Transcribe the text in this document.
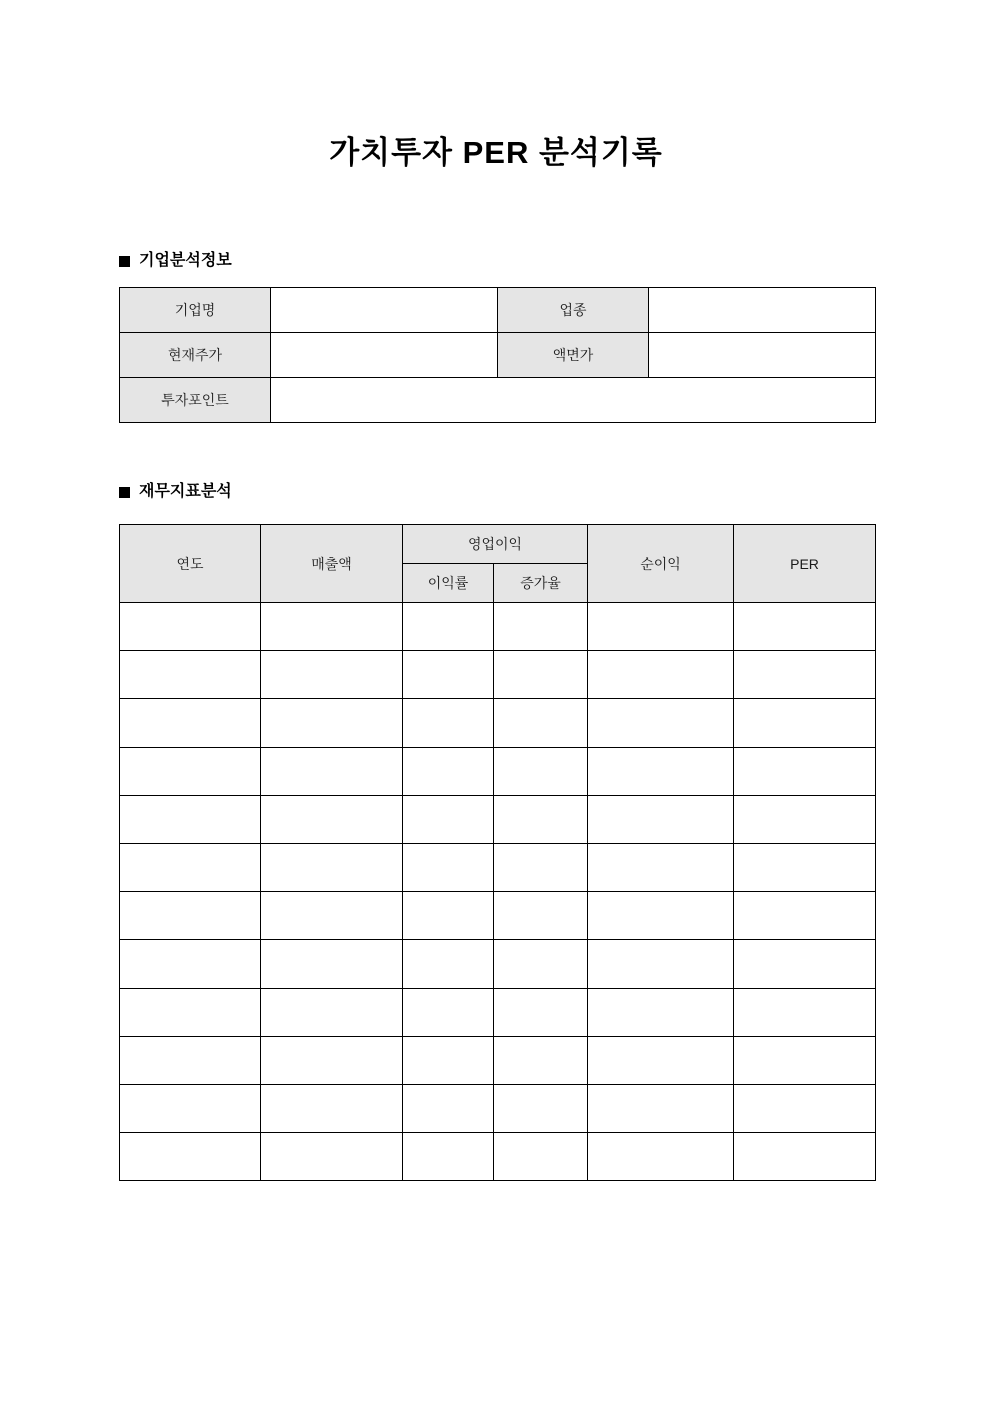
가치투자 PER 분석기록
기업분석정보
기업명		업종	
현재주가		액면가	
투자포인트			
재무지표분석
연도	매출액	영업이익		순이익	PER
		이익률	증가율		
